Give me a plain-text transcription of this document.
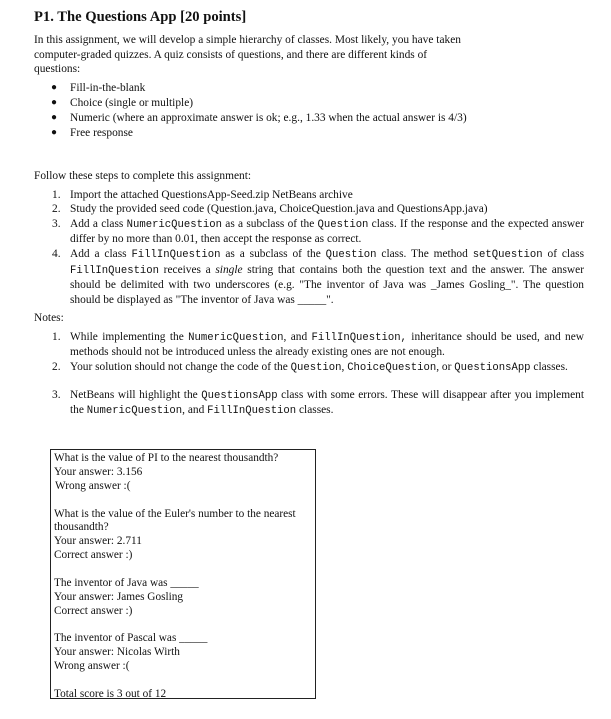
P1. The Questions App [20 points]

In this assignment, we will develop a simple hierarchy of classes. Most likely, you have taken computer-graded quizzes. A quiz consists of questions, and there are different kinds of questions:

● Fill-in-the-blank
● Choice (single or multiple)
● Numeric (where an approximate answer is ok; e.g., 1.33 when the actual answer is 4/3)
● Free response

Follow these steps to complete this assignment:

1. Import the attached QuestionsApp-Seed.zip NetBeans archive
2. Study the provided seed code (Question.java, ChoiceQuestion.java and QuestionsApp.java)
3. Add a class NumericQuestion as a subclass of the Question class. If the response and the expected answer differ by no more than 0.01, then accept the response as correct.
4. Add a class FillInQuestion as a subclass of the Question class. The method setQuestion of class FillInQuestion receives a single string that contains both the question text and the answer. The answer should be delimited with two underscores (e.g. "The inventor of Java was _James Gosling_". The question should be displayed as "The inventor of Java was _____".

Notes:

1. While implementing the NumericQuestion, and FillInQuestion, inheritance should be used, and new methods should not be introduced unless the already existing ones are not enough.
2. Your solution should not change the code of the Question, ChoiceQuestion, or QuestionsApp classes.
3. NetBeans will highlight the QuestionsApp class with some errors. These will disappear after you implement the NumericQuestion, and FillInQuestion classes.
What is the value of PI to the nearest thousandth?
Your answer: 3.156
Wrong answer :(
What is the value of the Euler's number to the nearest thousandth?
Your answer: 2.711
Correct answer :)
The inventor of Java was _____
Your answer: James Gosling
Correct answer :)
The inventor of Pascal was _____
Your answer: Nicolas Wirth
Wrong answer :(
Total score is 3 out of 12
